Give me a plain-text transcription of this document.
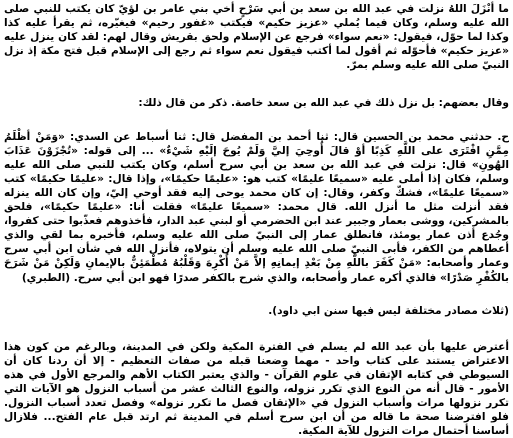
ما أنْزَلَ اللهُ نزلت في عبد الله بن سعد بن أبي سَرْحٍ أخي بني عامر بن لؤيّ كان يكتب للنبي صلى الله عليه وسلم، وكان فيما يُملي «عزيز حكيم» فيكتب «غفور رحيم» فيغيّره، ثم يقرأ عليه كذا وكذا لما حوّل، فيقول: «نعم سواء» فرجع عن الإسلام ولحق بقريش وقال لهم: لقد كان ينزل عليه «عزيز حكيم» فأحوّله ثم أقول لما أكتب فيقول نعم سواء ثم رجع إلى الإسلام قبل فتح مكة إذ نزل النبيّ صلى الله عليه وسلم بمرّ.

وقال بعضهم: بل نزل ذلك في عبد الله بن سعد خاصة. ذكر من قال ذلك:

ح. حدثني محمد بن الحسين قال: ثنا أحمد بن المفضل قال: ثنا أسباط عن السدي: «وَمَنْ أظْلَمُ مِمَّنِ افْتَرَى على اللَّهِ كَذِبًا أوْ قالَ أُوحِيَ إليَّ وَلَمْ يُوحَ إلَيْهِ شَيْءٌ» ... إلى قوله: «تُجْزَوْنَ عَذَابَ الهُونِ» قال: نزلت في عبد الله بن سعد بن أبي سرح أسلم، وكان يكتب للنبي صلى الله عليه وسلم، فكان إذا أملى عليه «سميعًا عليمًا» كتب هو: «عليمًا حكيمًا»، وإذا قال: «عليمًا حكيمًا» كتب «سميعًا عليمًا»، فشكّ وكفر، وقال: إن كان محمد يوحى إليه فقد أوحي إليّ، وإن كان الله ينزله فقد أنزلت مثل ما أنزل الله. قال محمد: «سميعًا عليمًا» فقلت أنا: «عليمًا حكيمًا»، فلحق بالمشركين، ووشى بعمار وجبير عند ابن الحضرمي أو لبني عبد الدار، فأخذوهم فعذّبوا حتى كفروا، وجُدع أذن عمار يومئذ، فانطلق عمار إلى النبيّ صلى الله عليه وسلم، فأخبره بما لقي والذي أعطاهم من الكفر، فأبى النبيّ صلى الله عليه وسلم أن يتولاه، فأنزل الله في شأن ابن أبي سرح وعمار وأصحابه: «مَنْ كَفَرَ باللَّهِ مِنْ بَعْدِ إيمانِهِ إلاَّ مَنْ أُكْرِهَ وَقَلْبُهُ مُطْمَئِنٌّ بالإيمانِ وَلَكِنْ مَنْ شَرَحَ بالكُفْرِ صَدْرًا» فالذي أكره عمار وأصحابه، والذي شرح بالكفر صدرًا فهو ابن أبي سرح. (الطبري)

(ثلاث مصادر مختلفة ليس فيها سنن ابي داود).

أعترض عليها بأن عبد الله لم يسلم في الفترة المكية ولكن في المدينة، وبالرغم من كون هذا الاعتراض يستند على كتاب واحد - مهما وضعنا قبله من صفات التعظيم - إلا أن ردنا كان أن السيوطي في كتابه الإتقان في علوم القرآن - والذي يعتبر الكتاب الأهم والمرجع الأول في هذه الأمور - قال أنه من النوع الذي تكرر نزوله، والنوع الثالث عشر من أسباب النزول هو الآيات التي تكرر نزولها مرات وأسباب النزول في «الإتقان فصل ما تكرر نزوله» وفصل تعدد أسباب النزول. فلو افترضنا صحة ما قاله من أن ابن سرح أسلم في المدينة ثم ارتد قبل عام الفتح... فلازال أساسنا أحتمال مرات النزول للآية المكية.
